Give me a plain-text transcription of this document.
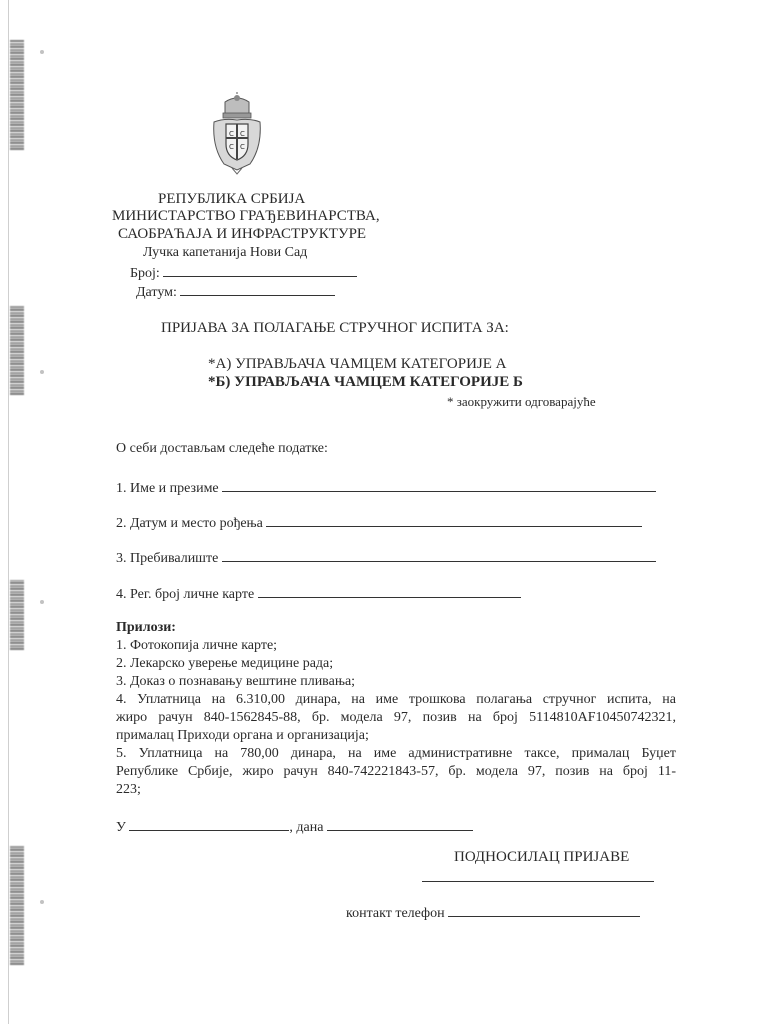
C C
C C
РЕПУБЛИКА СРБИЈА
МИНИСТАРСТВО ГРАЂЕВИНАРСТВА,
САОБРАЋАЈА И ИНФРАСТРУКТУРЕ
Лучка капетанија Нови Сад
Број:
Датум:
ПРИЈАВА ЗА ПОЛАГАЊЕ СТРУЧНОГ ИСПИТА ЗА:
*А) УПРАВЉАЧА ЧАМЦЕМ КАТЕГОРИЈЕ А
*Б) УПРАВЉАЧА ЧАМЦЕМ КАТЕГОРИЈЕ Б
* заокружити одговарајуће
О себи достављам следеће податке:
1. Име и презиме
2. Датум и место рођења
3. Пребивалиште
4. Рег. број личне карте
Прилози:
1. Фотокопија личне карте;
2. Лекарско уверење медицине рада;
3. Доказ о познавању вештине пливања;
4. Уплатница на 6.310,00 динара, на име трошкова полагања стручног испита, на
жиро рачун 840-1562845-88, бр. модела 97, позив на број 5114810AF10450742321,
прималац Приходи органа и организација;
5. Уплатница на 780,00 динара, на име административне таксе, прималац Буџет
Републике Србије, жиро рачун 840-742221843-57, бр. модела 97, позив на број 11-
223;
У	, дана
ПОДНОСИЛАЦ ПРИЈАВЕ
контакт телефон
